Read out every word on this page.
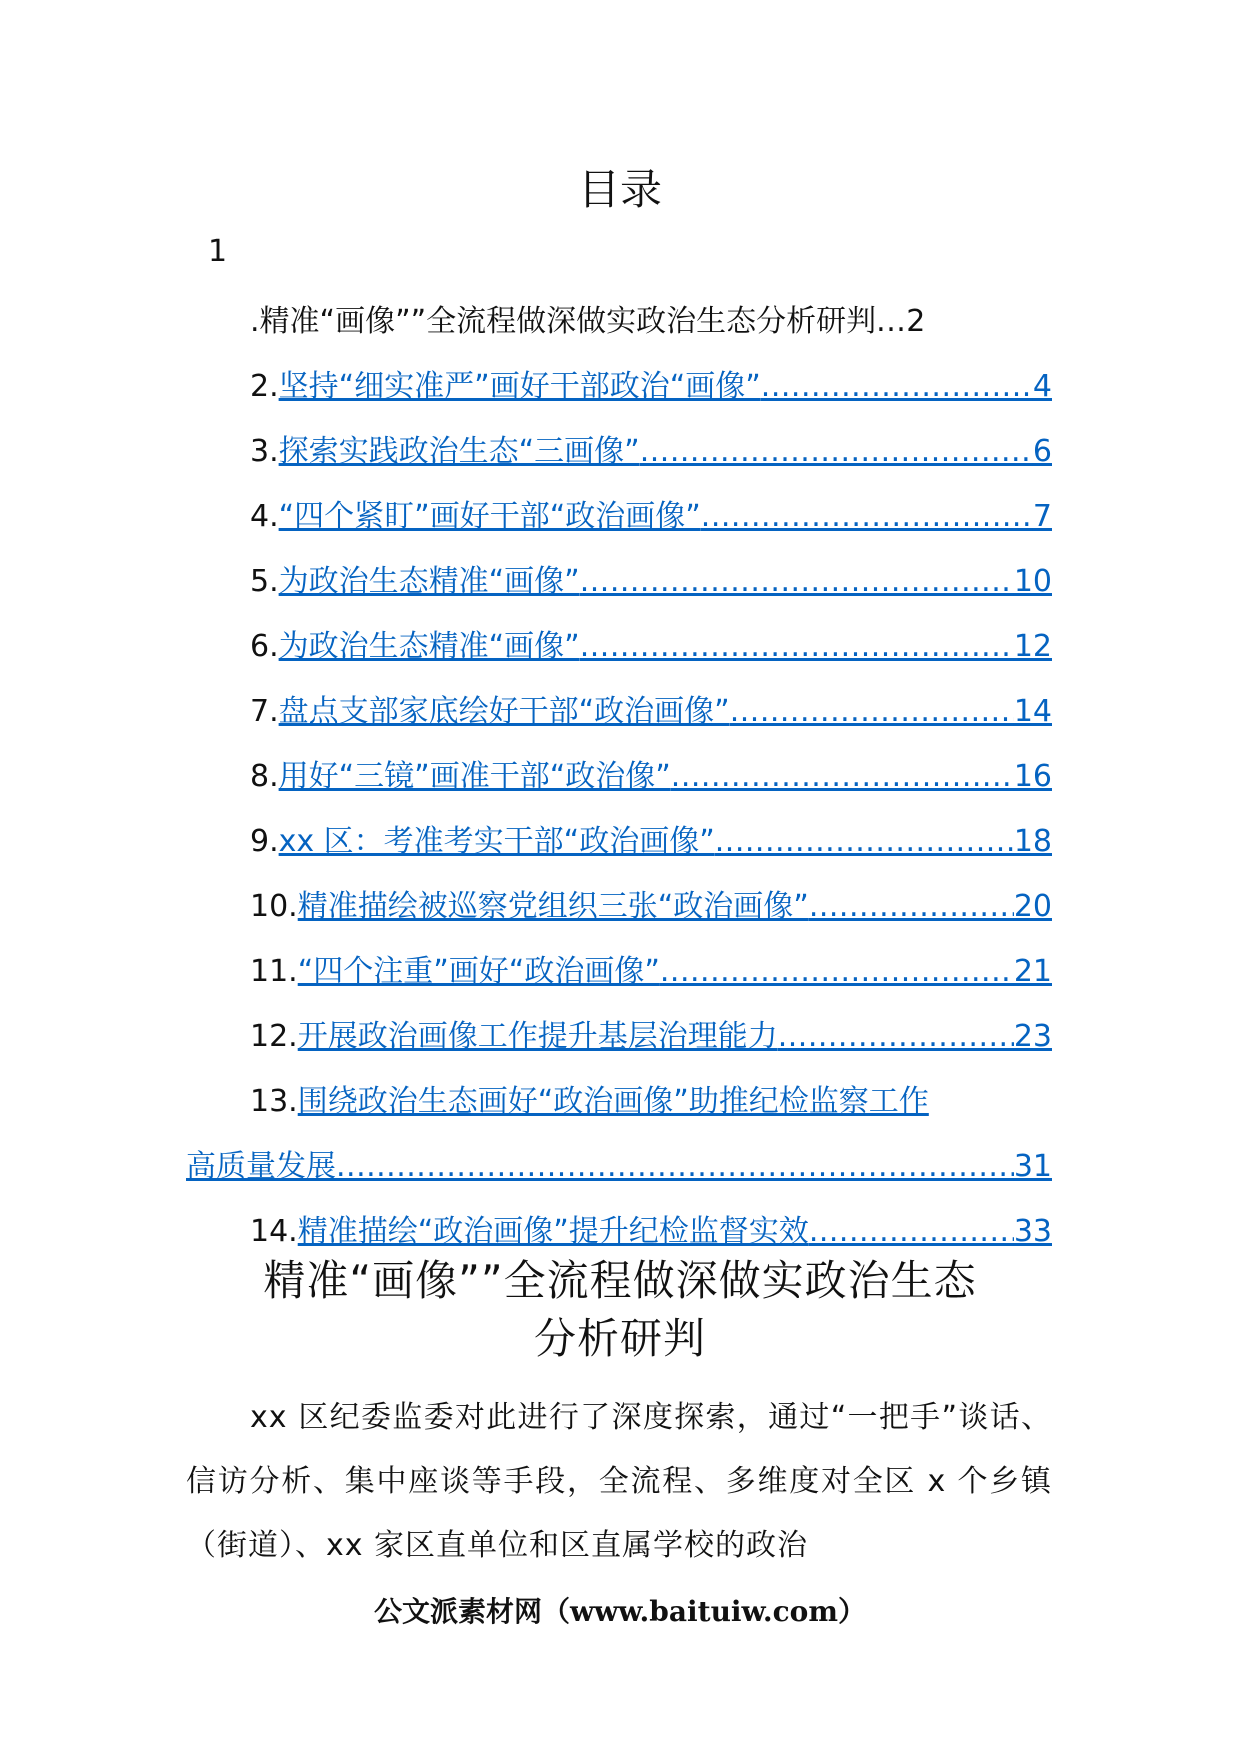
目录
1
.精准“画像””全流程做深做实政治生态分析研判 ... 2
2. 坚持“细实准严”画好干部政治“画像” .....	4
3. 探索实践政治生态“三画像” .....	6
4. “四个紧盯”画好干部“政治画像” .....	7
5. 为政治生态精准“画像” .....	10
6. 为政治生态精准“画像” .....	12
7. 盘点支部家底绘好干部“政治画像” .....	14
8. 用好“三镜”画准干部“政治像” .....	16
9. xx 区：考准考实干部“政治画像” .....	18
10. 精准描绘被巡察党组织三张“政治画像” .....	20
11. “四个注重”画好“政治画像” .....	21
12. 开展政治画像工作提升基层治理能力 .....	23
13. 围绕政治生态画好“政治画像”助推纪检监察工作
高质量发展 .....	31
14. 精准描绘“政治画像”提升纪检监督实效 .....	33
精准“画像””全流程做深做实政治生态
分析研判

xx 区纪委监委对此进行了深度探索，通过“一把手”谈话、信访分析、集中座谈等手段，全流程、多维度对全区 x 个乡镇（街道）、xx 家区直单位和区直属学校的政治

公文派素材网（www.baituiw.com）
